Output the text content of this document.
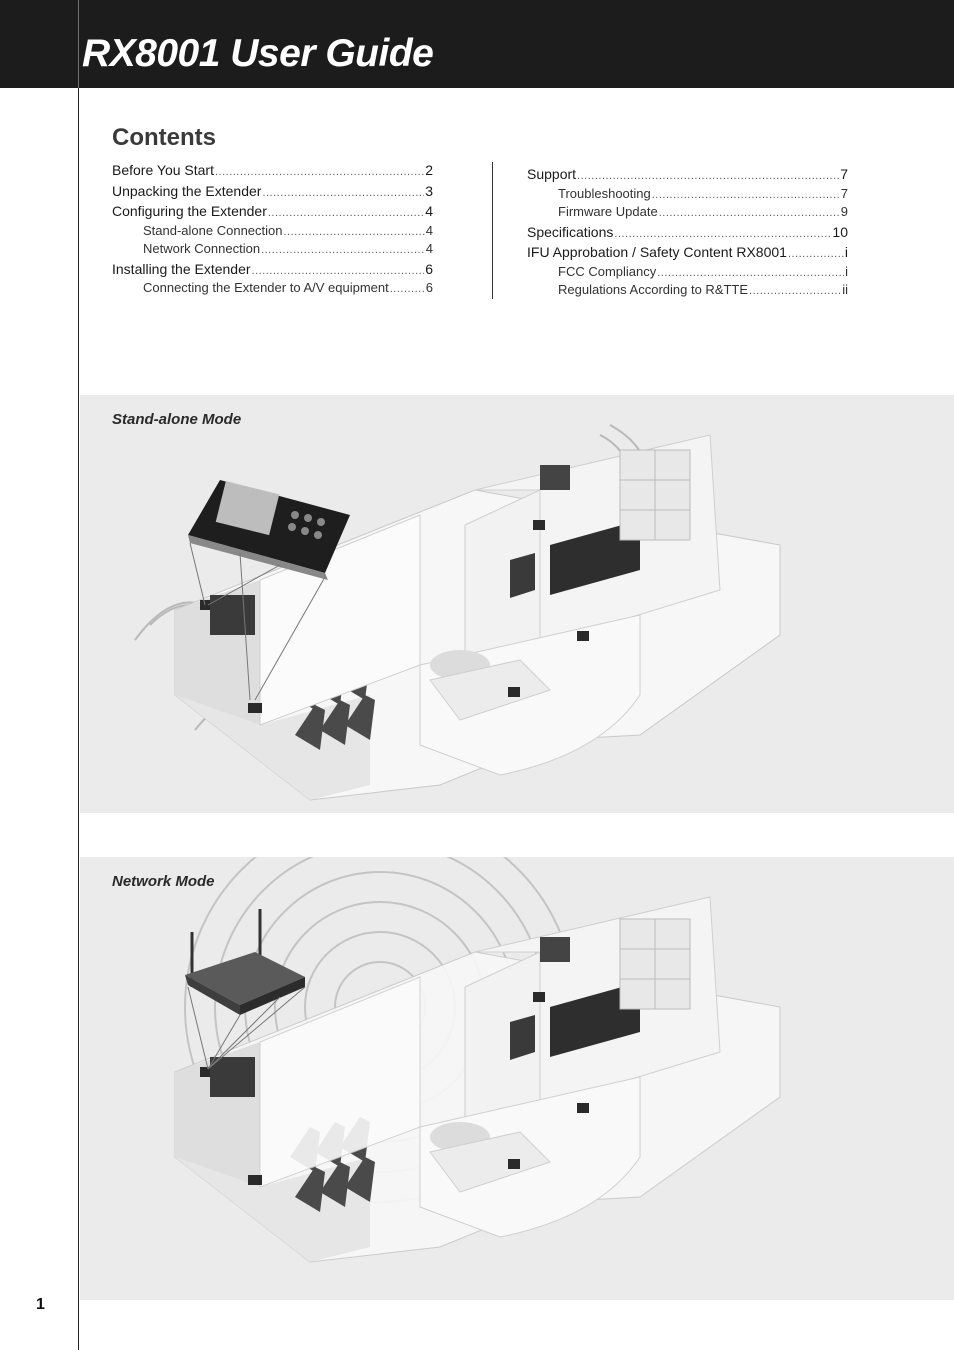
RX8001 User Guide
Contents
Before You Start .....	2
Unpacking the Extender .....	3
Configuring the Extender .....	4
Stand-alone Connection .....	4
Network Connection .....	4
Installing the Extender .....	6
Connecting the Extender to A/V equipment .....	6
Support .....	7
Troubleshooting .....	7
Firmware Update .....	9
Specifications .....	10
IFU Approbation / Safety Content RX8001 .....	i
FCC Compliancy .....	i
Regulations According to R&TTE .....	ii
Stand-alone Mode
Network Mode
1
